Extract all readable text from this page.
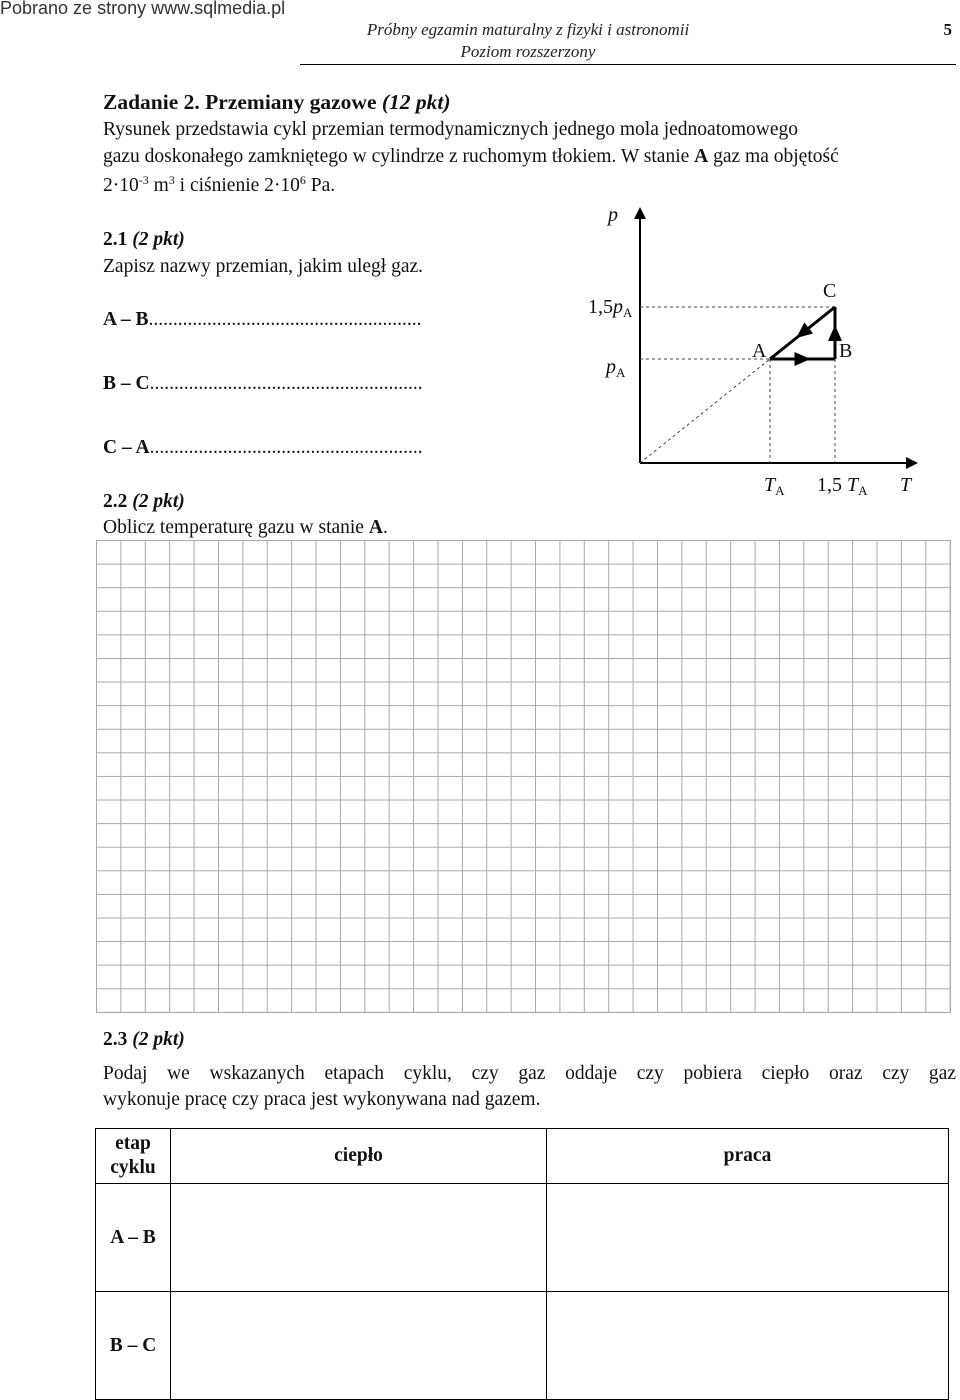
Pobrano ze strony www.sqlmedia.pl
Próbny egzamin maturalny z fizyki i astronomii
Poziom rozszerzony
5
Zadanie 2. Przemiany gazowe (12 pkt)
Rysunek przedstawia cykl przemian termodynamicznych jednego mola jednoatomowego
gazu doskonałego zamkniętego w cylindrze z ruchomym tłokiem. W stanie A gaz ma objętość
$2\cdot 10^{-3}$ $m^3$ i ciśnienie $2\cdot 10^6$ Pa.
2.1 (2 pkt)
Zapisz nazwy przemian, jakim uległ gaz.
A – B........................................................
B – C........................................................
C – A........................................................
2.2 (2 pkt)
Oblicz temperaturę gazu w stanie A.
p
T
$1,5p_A$
$p_A$
$T_A$ 1,5 $T_A$
A	B
C
2.3 (2 pkt)
Podaj we wskazanych etapach cyklu, czy gaz oddaje czy pobiera ciepło oraz czy gaz
wykonuje pracę czy praca jest wykonywana nad gazem.
etap
cyklu	ciepło	praca
A – B		
B – C		
